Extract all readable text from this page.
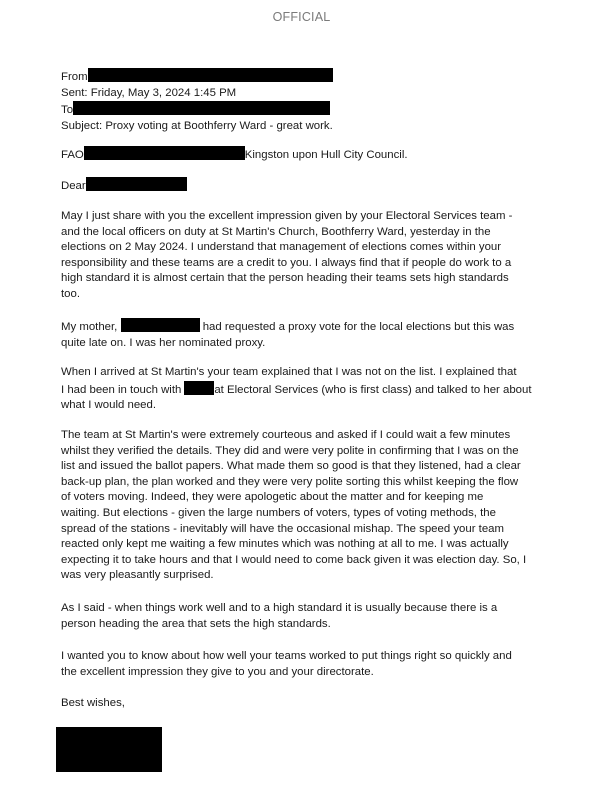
OFFICIAL
From
Sent: Friday, May 3, 2024 1:45 PM
To
Subject: Proxy voting at Boothferry Ward - great work.
FAO	Kingston upon Hull City Council.
Dear
May I just share with you the excellent impression given by your Electoral Services team -
and the local officers on duty at St Martin's Church, Boothferry Ward, yesterday in the
elections on 2 May 2024. I understand that management of elections comes within your
responsibility and these teams are a credit to you. I always find that if people do work to a
high standard it is almost certain that the person heading their teams sets high standards
too.
My mother,	had requested a proxy vote for the local elections but this was
quite late on. I was her nominated proxy.
When I arrived at St Martin's your team explained that I was not on the list. I explained that
I had been in touch with	at Electoral Services (who is first class) and talked to her about
what I would need.
The team at St Martin's were extremely courteous and asked if I could wait a few minutes
whilst they verified the details. They did and were very polite in confirming that I was on the
list and issued the ballot papers. What made them so good is that they listened, had a clear
back-up plan, the plan worked and they were very polite sorting this whilst keeping the flow
of voters moving. Indeed, they were apologetic about the matter and for keeping me
waiting. But elections - given the large numbers of voters, types of voting methods, the
spread of the stations - inevitably will have the occasional mishap. The speed your team
reacted only kept me waiting a few minutes which was nothing at all to me. I was actually
expecting it to take hours and that I would need to come back given it was election day. So, I
was very pleasantly surprised.
As I said - when things work well and to a high standard it is usually because there is a
person heading the area that sets the high standards.
I wanted you to know about how well your teams worked to put things right so quickly and
the excellent impression they give to you and your directorate.
Best wishes,
